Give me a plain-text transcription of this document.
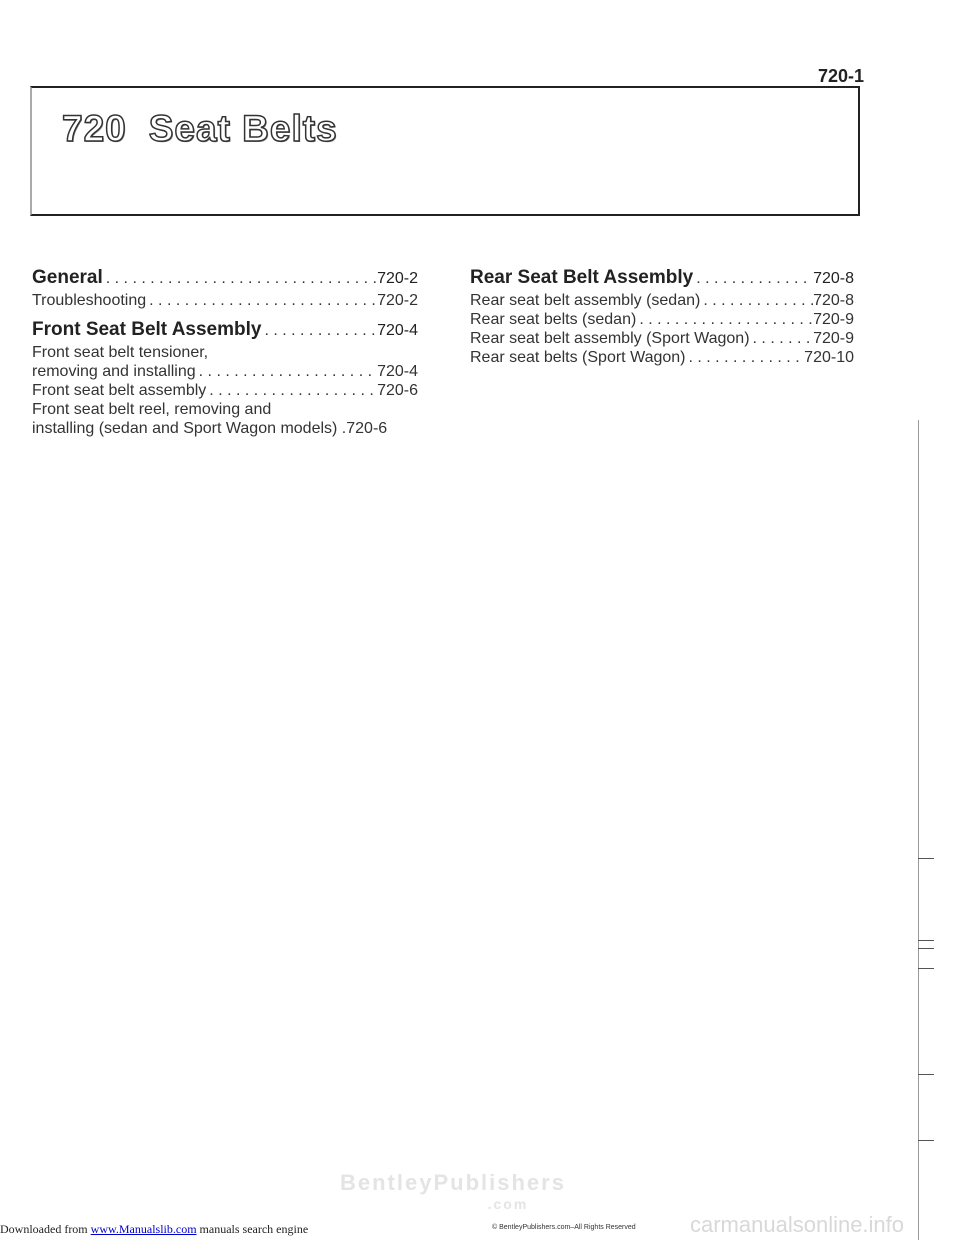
720-1
720 Seat Belts
General . . .	720-2
Troubleshooting . . .	720-2
Front Seat Belt Assembly . . .	720-4
Front seat belt tensioner,
removing and installing . . .	720-4
Front seat belt assembly . . .	720-6
Front seat belt reel, removing and
installing (sedan and Sport Wagon models) . 720-6
Rear Seat Belt Assembly . . .	720-8
Rear seat belt assembly (sedan) . . .	720-8
Rear seat belts (sedan) . . .	720-9
Rear seat belt assembly (Sport Wagon) . . .	720-9
Rear seat belts (Sport Wagon) . . .	720-10
BentleyPublishers
.com
carmanualsonline.info
Downloaded from www.Manualslib.com manuals search engine	© BentleyPublishers.com–All Rights Reserved
